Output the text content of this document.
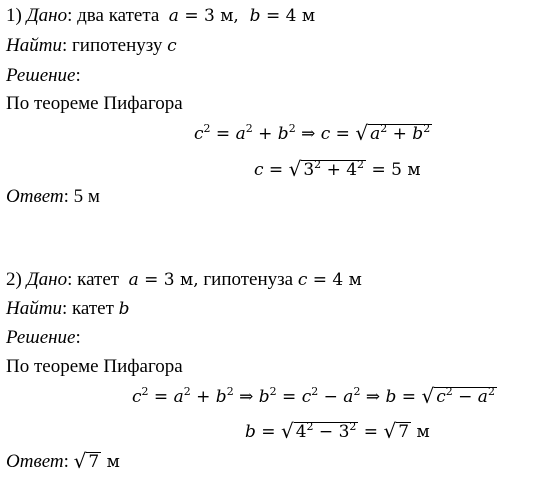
1) Дано: два катета a = 3 м,  b = 4 м
Найти: гипотенузу c
Решение:
По теореме Пифагора
$c^2 = a^2 + b^2$ ⇒ c = √ $a^2 + b^2$
c = √ $3^2 + 4^2 = 5$ м
Ответ: 5 м
2) Дано: катет a = 3 м, гипотенуза c = 4 м
Найти: катет b
Решение:
По теореме Пифагора
$c^2 = a^2 + b^2$ ⇒ $b^2 = c^2 - a^2$ ⇒ b = √ $c^2 - a^2$
b = √ $4^2 - 3^2$ = √ 7 м
Ответ: √ 7 м
